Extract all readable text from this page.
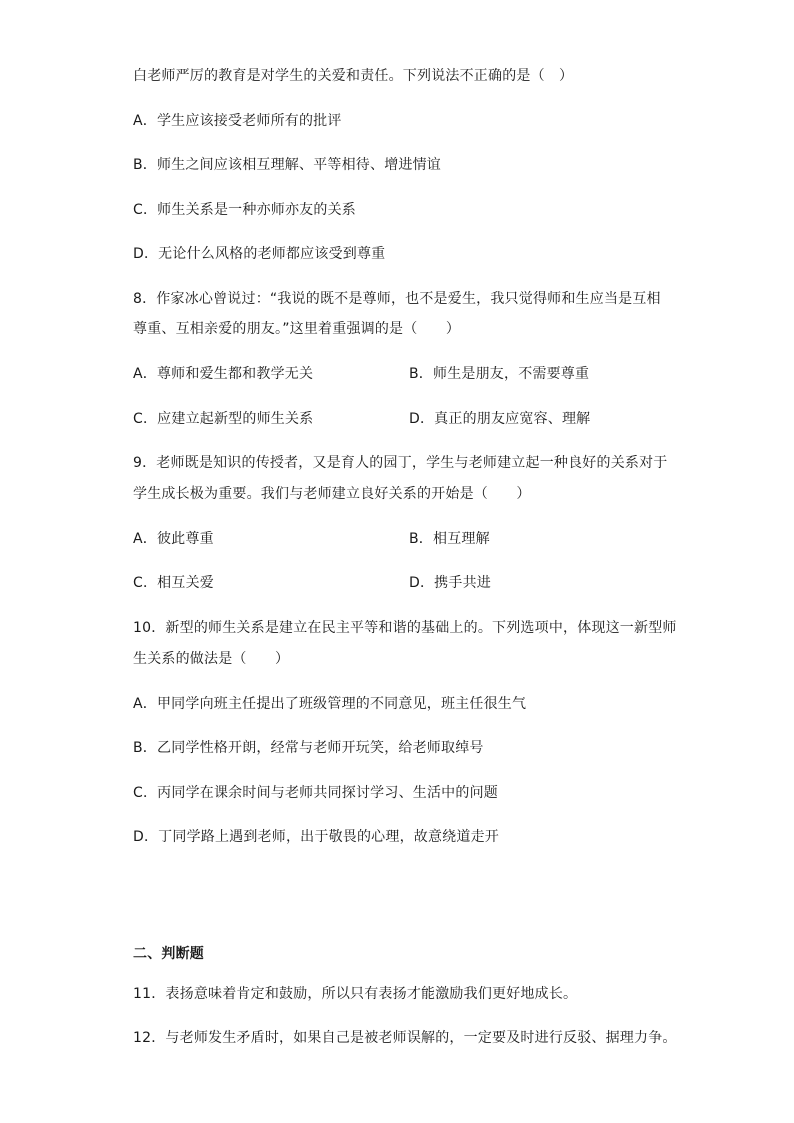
白老师严厉的教育是对学生的关爱和责任。下列说法不正确的是（　）
A．学生应该接受老师所有的批评
B．师生之间应该相互理解、平等相待、增进情谊
C．师生关系是一种亦师亦友的关系
D．无论什么风格的老师都应该受到尊重
8．作家冰心曾说过：“我说的既不是尊师，也不是爱生，我只觉得师和生应当是互相
尊重、互相亲爱的朋友。”这里着重强调的是（　　）
A．尊师和爱生都和教学无关	B．师生是朋友，不需要尊重
C．应建立起新型的师生关系	D．真正的朋友应宽容、理解
9．老师既是知识的传授者，又是育人的园丁，学生与老师建立起一种良好的关系对于
学生成长极为重要。我们与老师建立良好关系的开始是（　　）
A．彼此尊重	B．相互理解
C．相互关爱	D．携手共进
10．新型的师生关系是建立在民主平等和谐的基础上的。下列选项中，体现这一新型师
生关系的做法是（　　）
A．甲同学向班主任提出了班级管理的不同意见，班主任很生气
B．乙同学性格开朗，经常与老师开玩笑，给老师取绰号
C．丙同学在课余时间与老师共同探讨学习、生活中的问题
D．丁同学路上遇到老师，出于敬畏的心理，故意绕道走开
二、判断题
11．表扬意味着肯定和鼓励，所以只有表扬才能激励我们更好地成长。
12．与老师发生矛盾时，如果自己是被老师误解的，一定要及时进行反驳、据理力争。
